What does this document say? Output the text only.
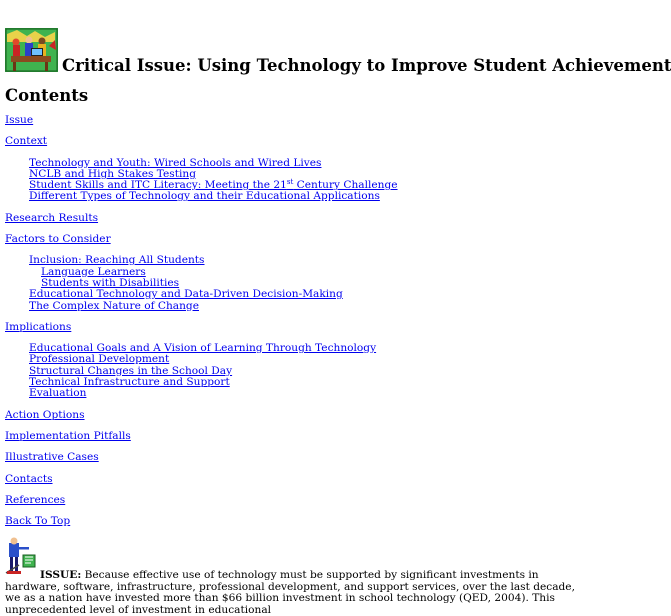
Critical Issue: Using Technology to Improve Student Achievement
Contents
Issue
Context
Technology and Youth: Wired Schools and Wired Lives
NCLB and High Stakes Testing
Student Skills and ITC Literacy: Meeting the 21st Century Challenge
Different Types of Technology and their Educational Applications
Research Results
Factors to Consider
Inclusion: Reaching All Students
Language Learners
Students with Disabilities
Educational Technology and Data-Driven Decision-Making
The Complex Nature of Change
Implications
Educational Goals and A Vision of Learning Through Technology
Professional Development
Structural Changes in the School Day
Technical Infrastructure and Support
Evaluation
Action Options
Implementation Pitfalls
Illustrative Cases
Contacts
References
Back To Top
ISSUE: Because effective use of technology must be supported by significant investments in hardware, software, infrastructure, professional development, and support services, over the last decade, we as a nation have invested more than $66 billion investment in school technology (QED, 2004). This unprecedented level of investment in educational
